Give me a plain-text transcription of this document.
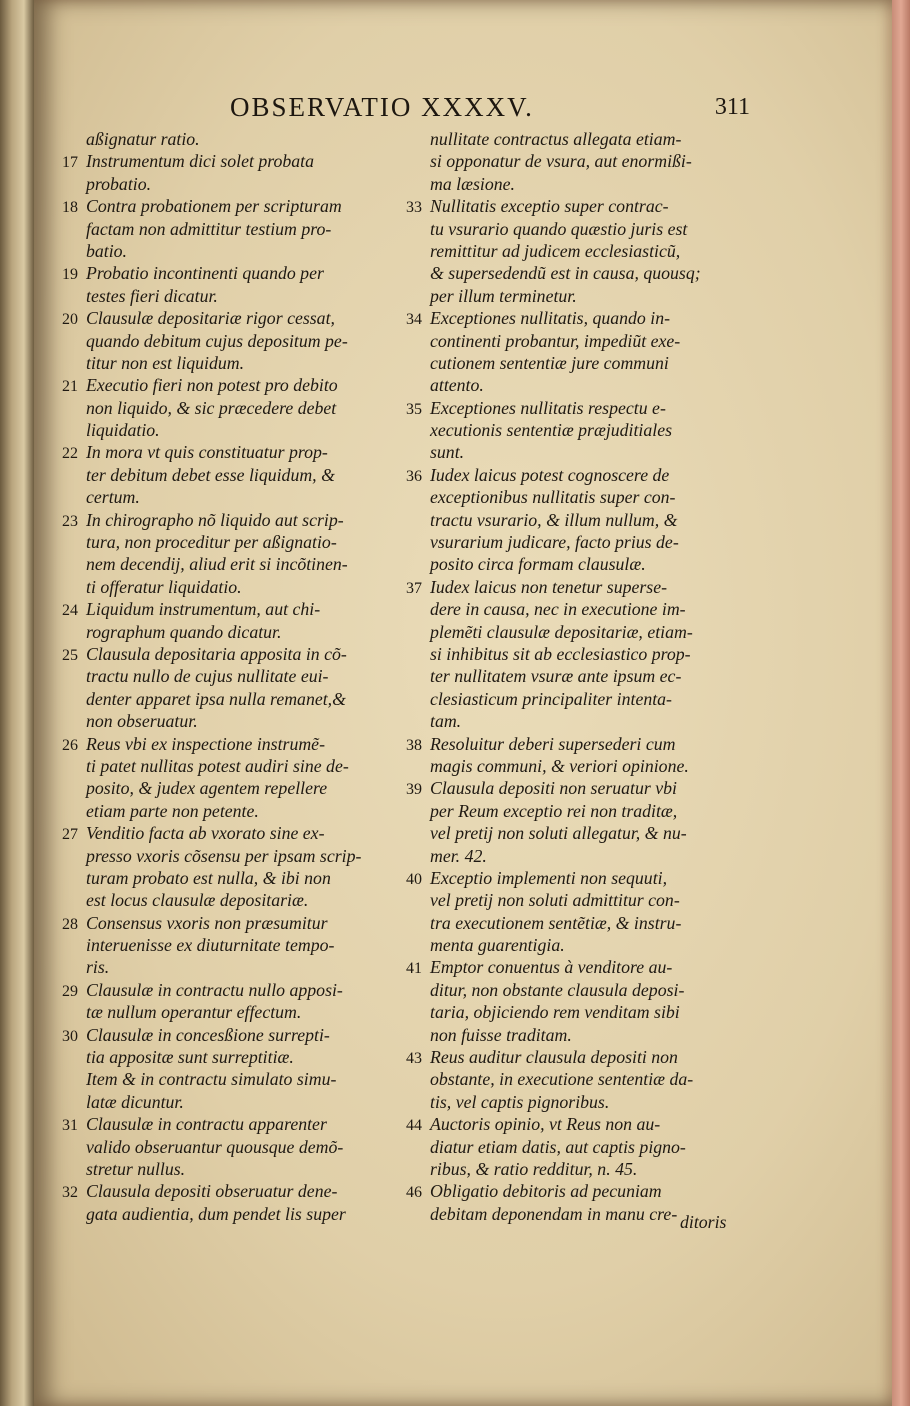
OBSERVATIO XXXXV.	311
aßignatur ratio.
17 Instrumentum dici solet probata
probatio.
18 Contra probationem per scripturam
factam non admittitur testium pro-
batio.
19 Probatio incontinenti quando per
testes fieri dicatur.
20 Clausulæ depositariæ rigor cessat,
quando debitum cujus depositum pe-
titur non est liquidum.
21 Executio fieri non potest pro debito
non liquido, & sic præcedere debet
liquidatio.
22 In mora vt quis constituatur prop-
ter debitum debet esse liquidum, &
certum.
23 In chirographo nõ liquido aut scrip-
tura, non proceditur per aßignatio-
nem decendij, aliud erit si incõtinen-
ti offeratur liquidatio.
24 Liquidum instrumentum, aut chi-
rographum quando dicatur.
25 Clausula depositaria apposita in cõ-
tractu nullo de cujus nullitate eui-
denter apparet ipsa nulla remanet,&
non obseruatur.
26 Reus vbi ex inspectione instrumẽ-
ti patet nullitas potest audiri sine de-
posito, & judex agentem repellere
etiam parte non petente.
27 Venditio facta ab vxorato sine ex-
presso vxoris cõsensu per ipsam scrip-
turam probato est nulla, & ibi non
est locus clausulæ depositariæ.
28 Consensus vxoris non præsumitur
interuenisse ex diuturnitate tempo-
ris.
29 Clausulæ in contractu nullo apposi-
tæ nullum operantur effectum.
30 Clausulæ in concesßione surrepti-
tia appositæ sunt surreptitiæ.
Item & in contractu simulato simu-
latæ dicuntur.
31 Clausulæ in contractu apparenter
valido obseruantur quousque demõ-
stretur nullus.
32 Clausula depositi obseruatur dene-
gata audientia, dum pendet lis super
nullitate contractus allegata etiam-
si opponatur de vsura, aut enormißi-
ma læsione.
33 Nullitatis exceptio super contrac-
tu vsurario quando quæstio juris est
remittitur ad judicem ecclesiasticũ,
& supersedendũ est in causa, quousq;
per illum terminetur.
34 Exceptiones nullitatis, quando in-
continenti probantur, impediũt exe-
cutionem sententiæ jure communi
attento.
35 Exceptiones nullitatis respectu e-
xecutionis sententiæ præjuditiales
sunt.
36 Iudex laicus potest cognoscere de
exceptionibus nullitatis super con-
tractu vsurario, & illum nullum, &
vsurarium judicare, facto prius de-
posito circa formam clausulæ.
37 Iudex laicus non tenetur superse-
dere in causa, nec in executione im-
plemẽti clausulæ depositariæ, etiam-
si inhibitus sit ab ecclesiastico prop-
ter nullitatem vsuræ ante ipsum ec-
clesiasticum principaliter intenta-
tam.
38 Resoluitur deberi supersederi cum
magis communi, & veriori opinione.
39 Clausula depositi non seruatur vbi
per Reum exceptio rei non traditæ,
vel pretij non soluti allegatur, & nu-
mer. 42.
40 Exceptio implementi non sequuti,
vel pretij non soluti admittitur con-
tra executionem sentẽtiæ, & instru-
menta guarentigia.
41 Emptor conuentus à venditore au-
ditur, non obstante clausula deposi-
taria, objiciendo rem venditam sibi
non fuisse traditam.
43 Reus auditur clausula depositi non
obstante, in executione sententiæ da-
tis, vel captis pignoribus.
44 Auctoris opinio, vt Reus non au-
diatur etiam datis, aut captis pigno-
ribus, & ratio redditur, n. 45.
46 Obligatio debitoris ad pecuniam
debitam deponendam in manu cre- ditoris
